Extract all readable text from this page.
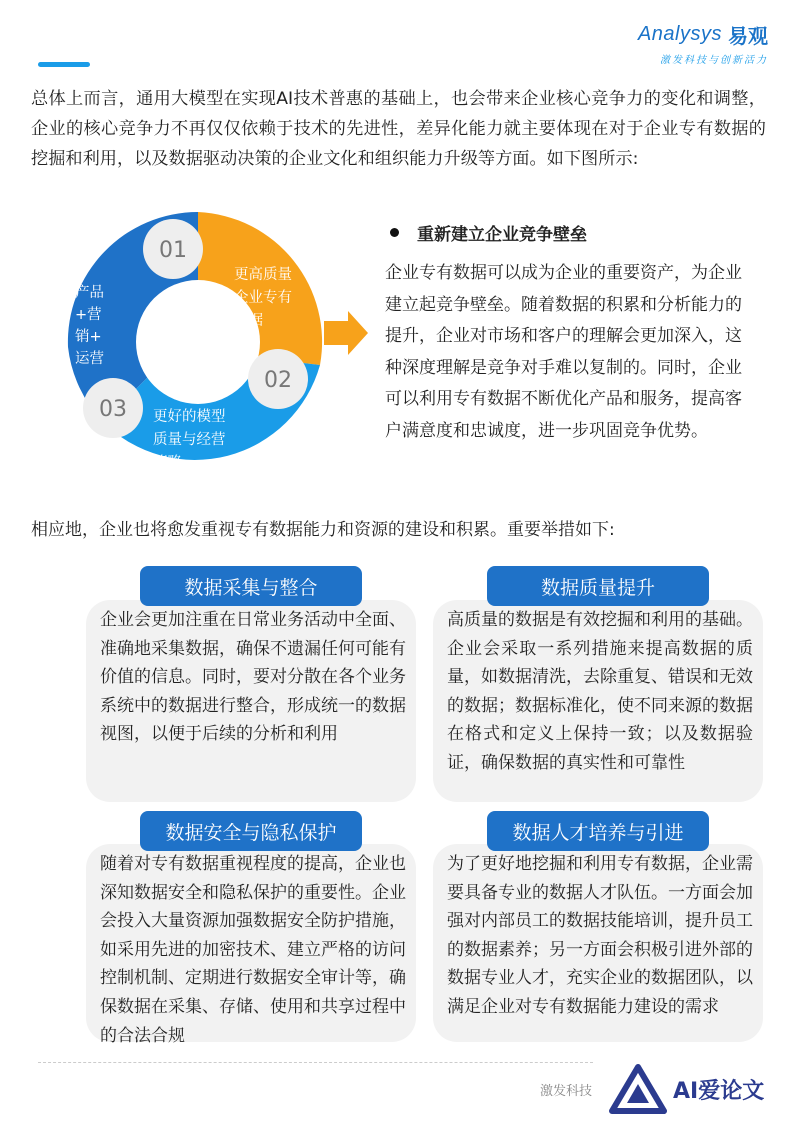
Analysys 易观
激发科技与创新活力

总体上而言，通用大模型在实现AI技术普惠的基础上，也会带来企业核心竞争力的变化和调整，企业的核心竞争力不再仅仅依赖于技术的先进性，差异化能力就主要体现在对于企业专有数据的挖掘和利用，以及数据驱动决策的企业文化和组织能力升级等方面。如下图所示:

01
02
03
更高质量
企业专有
数据
产品
+营
销+
运营
更好的模型
质量与经营
策略
重新建立企业竞争壁垒

企业专有数据可以成为企业的重要资产，为企业建立起竞争壁垒。随着数据的积累和分析能力的提升，企业对市场和客户的理解会更加深入，这种深度理解是竞争对手难以复制的。同时，企业可以利用专有数据不断优化产品和服务，提高客户满意度和忠诚度，进一步巩固竞争优势。

相应地，企业也将愈发重视专有数据能力和资源的建设和积累。重要举措如下:

企业会更加注重在日常业务活动中全面、准确地采集数据，确保不遗漏任何可能有价值的信息。同时，要对分散在各个业务系统中的数据进行整合，形成统一的数据视图，以便于后续的分析和利用

数据采集与整合

高质量的数据是有效挖掘和利用的基础。企业会采取一系列措施来提高数据的质量，如数据清洗，去除重复、错误和无效的数据；数据标准化，使不同来源的数据在格式和定义上保持一致；以及数据验证，确保数据的真实性和可靠性

数据质量提升

随着对专有数据重视程度的提高，企业也深知数据安全和隐私保护的重要性。企业会投入大量资源加强数据安全防护措施，如采用先进的加密技术、建立严格的访问控制机制、定期进行数据安全审计等，确保数据在采集、存储、使用和共享过程中的合法合规

数据安全与隐私保护

为了更好地挖掘和利用专有数据，企业需要具备专业的数据人才队伍。一方面会加强对内部员工的数据技能培训，提升员工的数据素养；另一方面会积极引进外部的数据专业人才，充实企业的数据团队，以满足企业对专有数据能力建设的需求

数据人才培养与引进
激发科技	AI爱论文
